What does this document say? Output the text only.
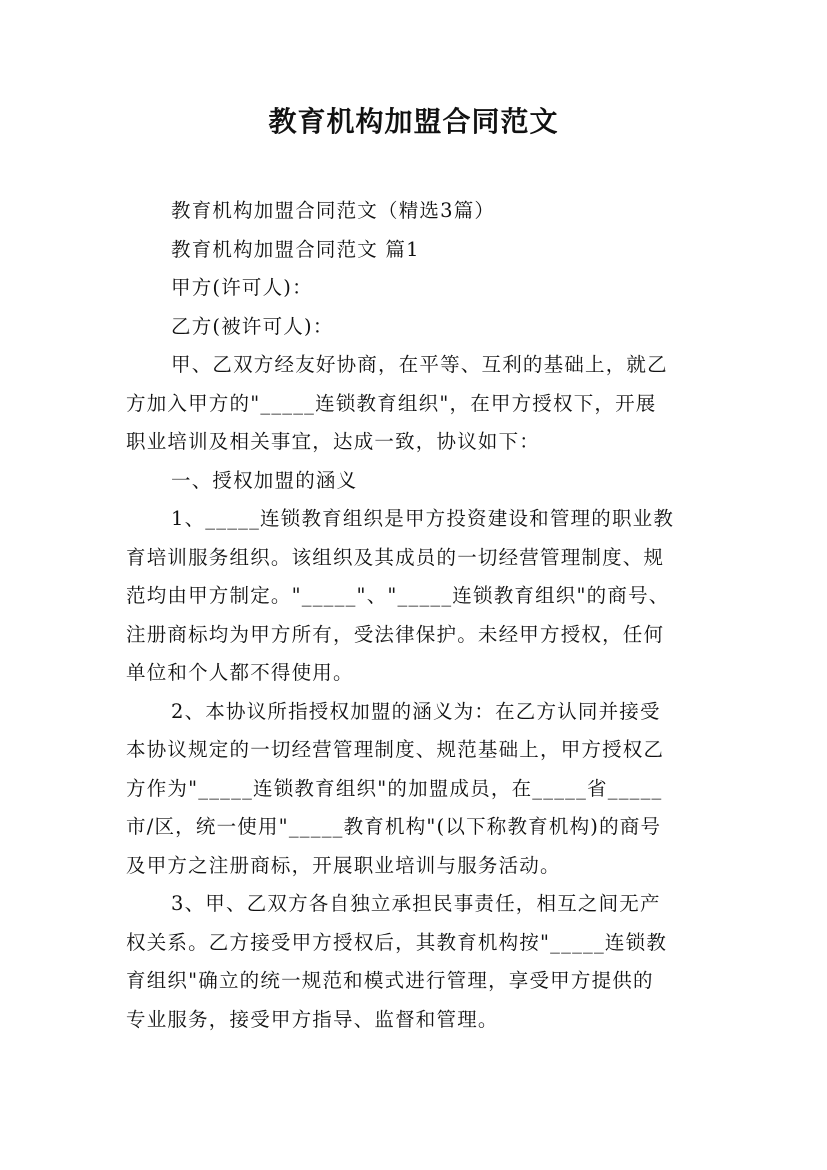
教育机构加盟合同范文

教育机构加盟合同范文（精选3篇）

教育机构加盟合同范文 篇1

甲方(许可人)：

乙方(被许可人)：

甲、乙双方经友好协商，在平等、互利的基础上，就乙

方加入甲方的"_____连锁教育组织"，在甲方授权下，开展

职业培训及相关事宜，达成一致，协议如下：

一、授权加盟的涵义

1、_____连锁教育组织是甲方投资建设和管理的职业教

育培训服务组织。该组织及其成员的一切经营管理制度、规

范均由甲方制定。"_____"、"_____连锁教育组织"的商号、

注册商标均为甲方所有，受法律保护。未经甲方授权，任何

单位和个人都不得使用。

2、本协议所指授权加盟的涵义为：在乙方认同并接受

本协议规定的一切经营管理制度、规范基础上，甲方授权乙

方作为"_____连锁教育组织"的加盟成员，在_____省_____

市/区，统一使用"_____教育机构"(以下称教育机构)的商号

及甲方之注册商标，开展职业培训与服务活动。

3、甲、乙双方各自独立承担民事责任，相互之间无产

权关系。乙方接受甲方授权后，其教育机构按"_____连锁教

育组织"确立的统一规范和模式进行管理，享受甲方提供的

专业服务，接受甲方指导、监督和管理。
